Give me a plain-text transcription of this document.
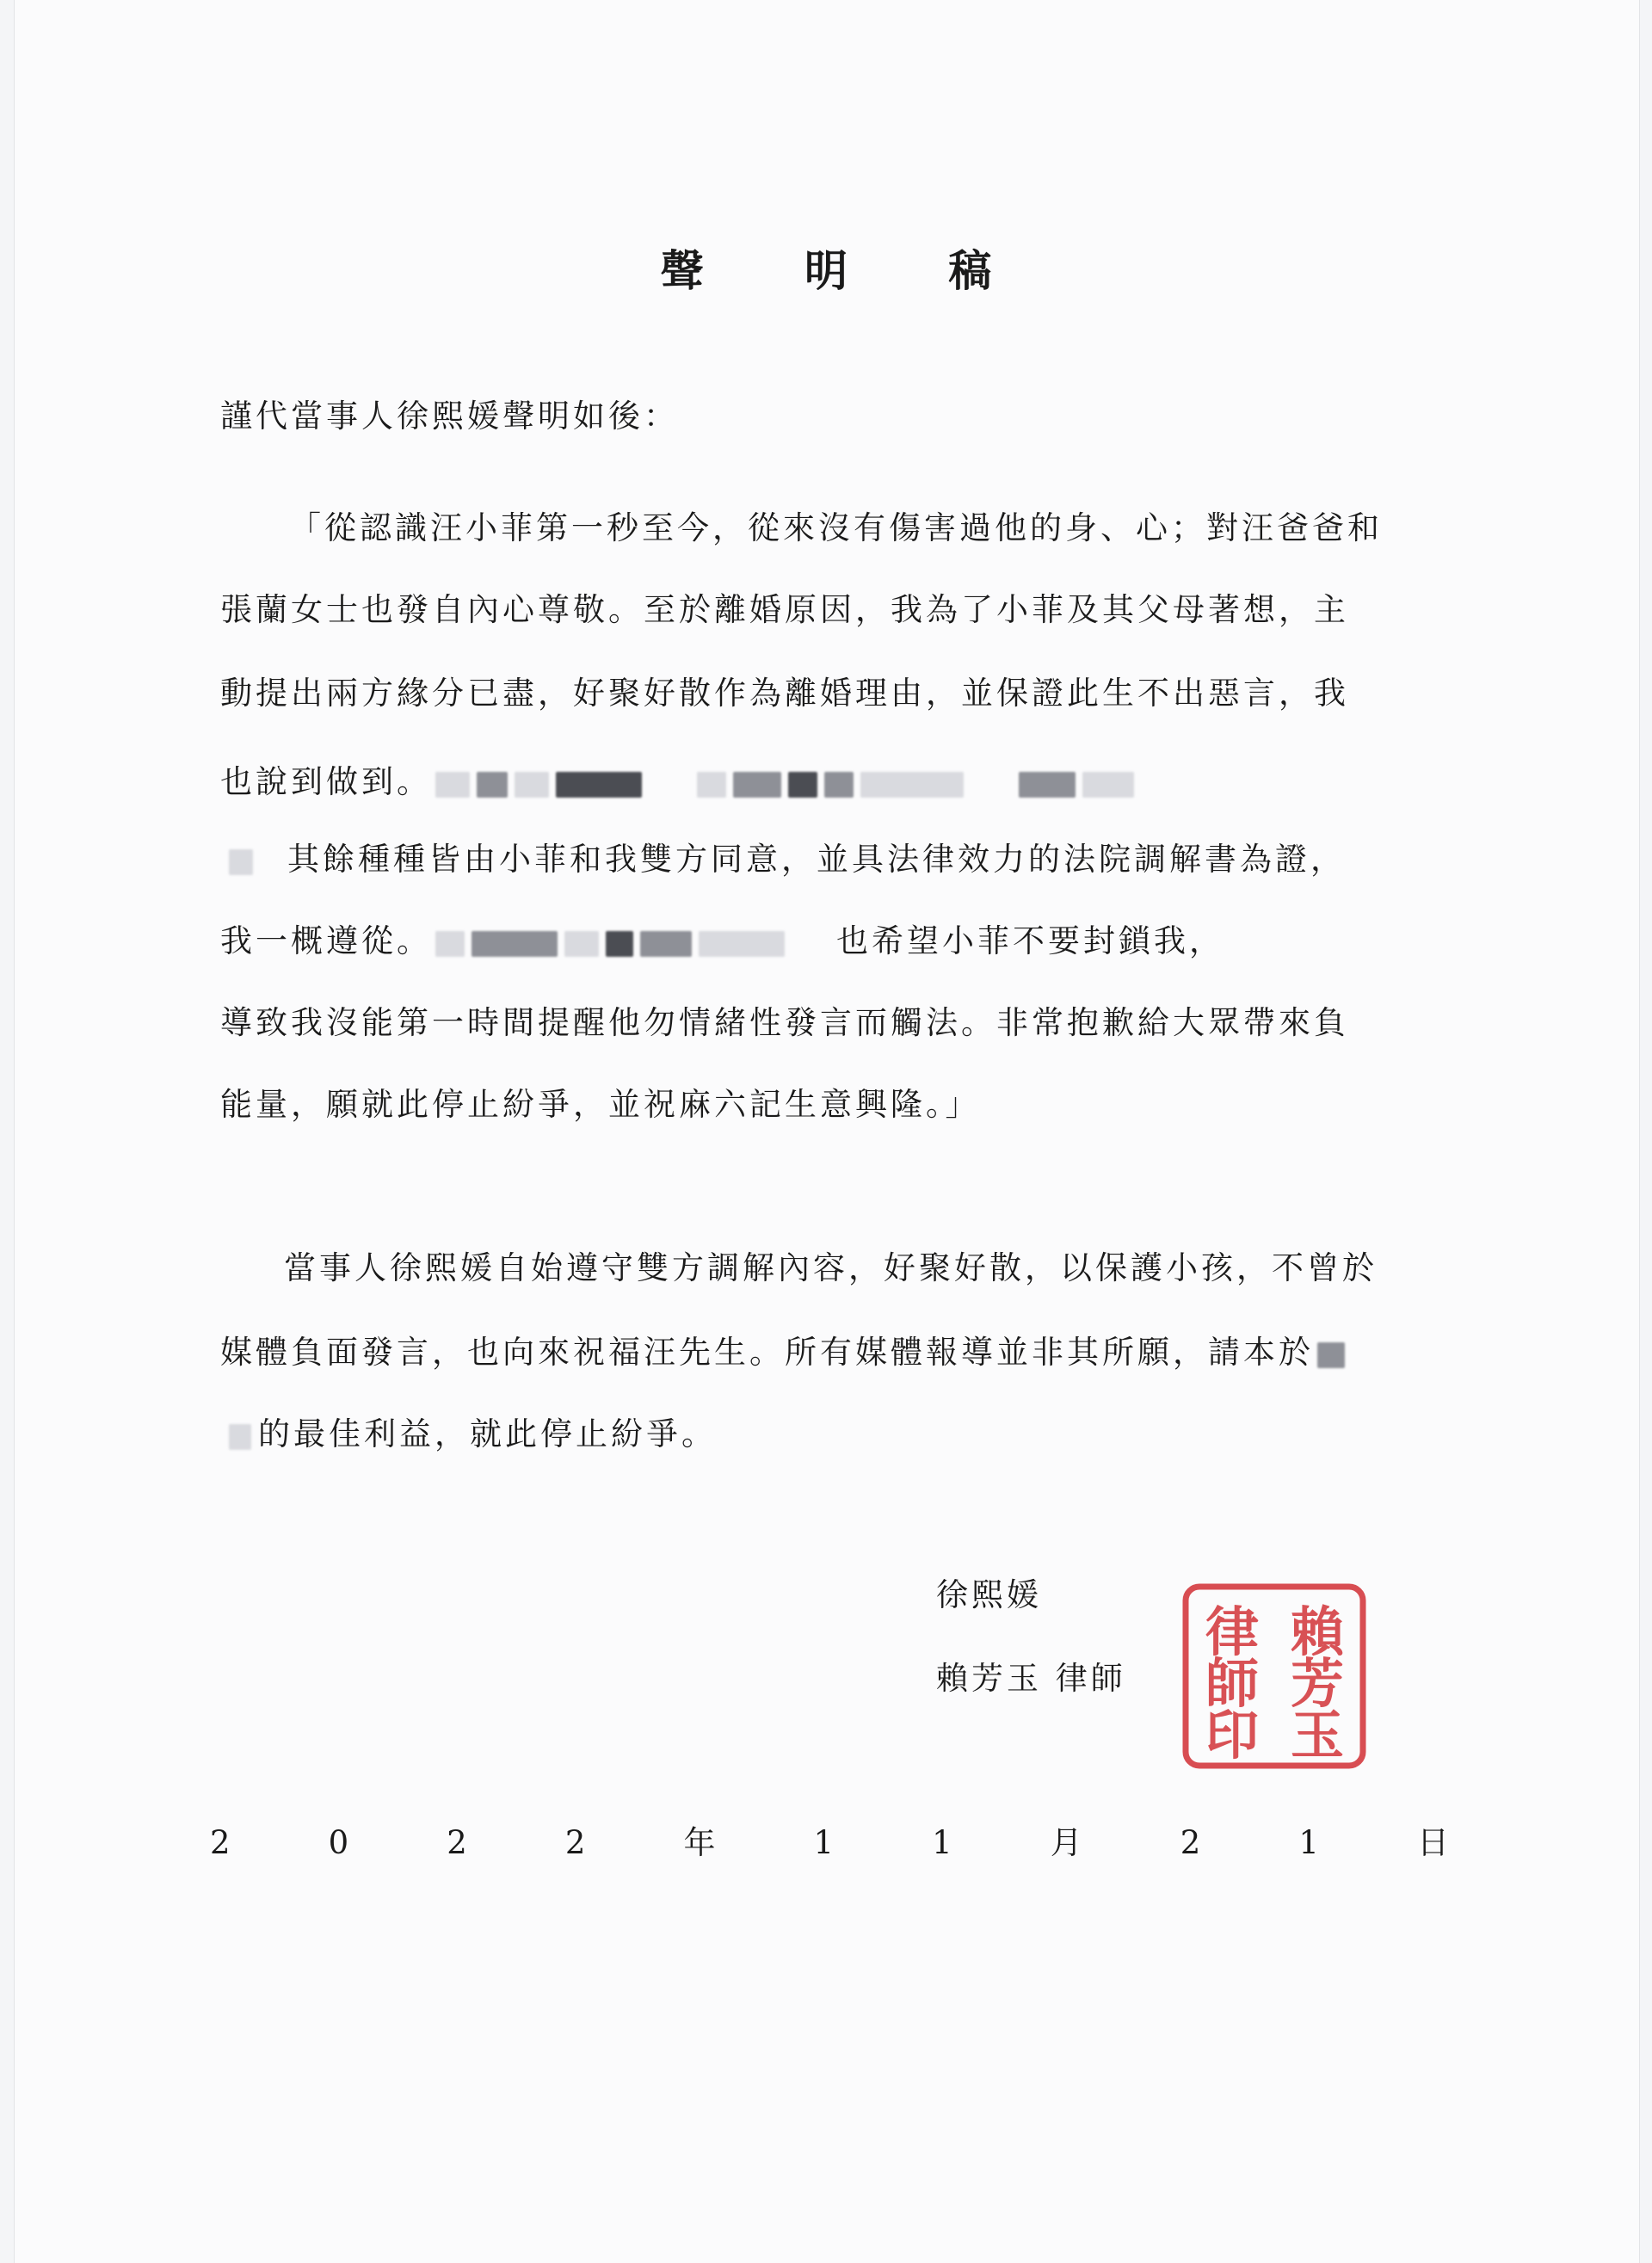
聲 明 稿
謹代當事人徐熙媛聲明如後：
「從認識汪小菲第一秒至今，從來沒有傷害過他的身、心；對汪爸爸和
張蘭女士也發自內心尊敬。至於離婚原因，我為了小菲及其父母著想，主
動提出兩方緣分已盡，好聚好散作為離婚理由，並保證此生不出惡言，我
也說到做到。
其餘種種皆由小菲和我雙方同意，並具法律效力的法院調解書為證，
我一概遵從。	也希望小菲不要封鎖我，
導致我沒能第一時間提醒他勿情緒性發言而觸法。非常抱歉給大眾帶來負
能量，願就此停止紛爭，並祝麻六記生意興隆。」
當事人徐熙媛自始遵守雙方調解內容，好聚好散，以保護小孩，不曾於
媒體負面發言，也向來祝福汪先生。所有媒體報導並非其所願，請本於
的最佳利益，就此停止紛爭。
徐熙媛
賴芳玉 律師
賴
芳
玉
律
師
印
2	0	2	2	年	1	1	月	2	1	日
